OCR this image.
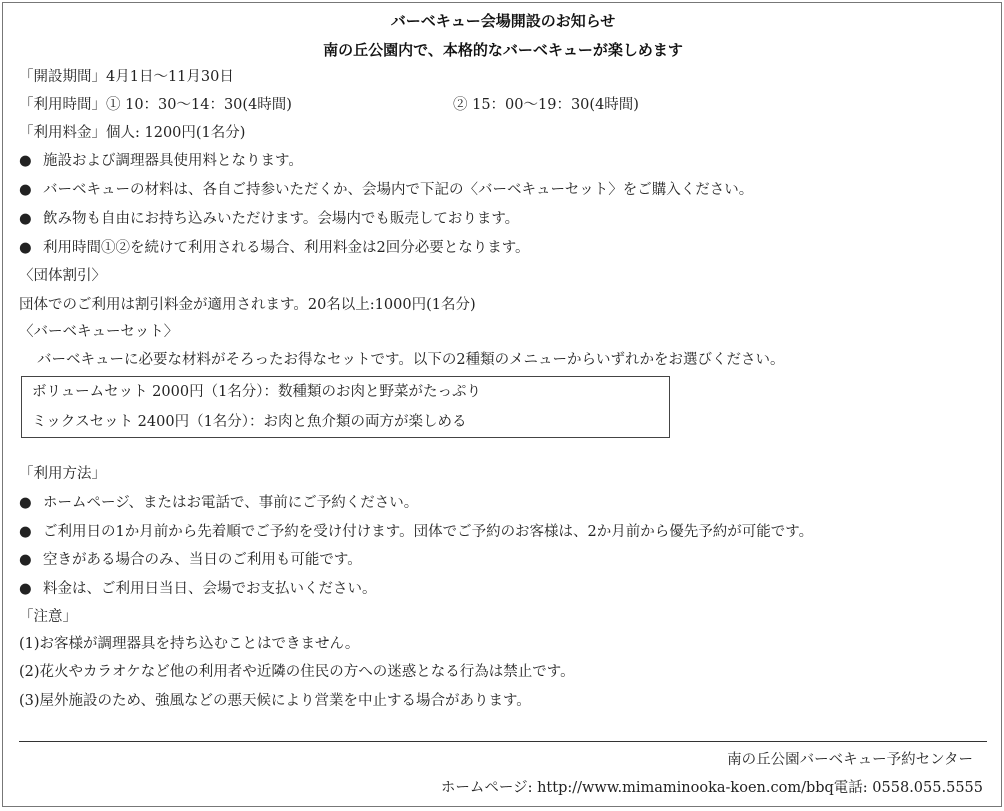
バーベキュー会場開設のお知らせ
南の丘公園内で、本格的なバーベキューが楽しめます
「開設期間」4月1日～11月30日
「利用時間」① 10：30～14：30(4時間)	② 15：00～19：30(4時間)
「利用料金」個人: 1200円(1名分)
● 施設および調理器具使用料となります。
● バーベキューの材料は、各自ご持参いただくか、会場内で下記の〈バーベキューセット〉をご購入ください。
● 飲み物も自由にお持ち込みいただけます。会場内でも販売しております。
● 利用時間①②を続けて利用される場合、利用料金は2回分必要となります。
〈団体割引〉
団体でのご利用は割引料金が適用されます。20名以上:1000円(1名分)
〈バーベキューセット〉
バーベキューに必要な材料がそろったお得なセットです。以下の2種類のメニューからいずれかをお選びください。
ボリュームセット 2000円（1名分）：数種類のお肉と野菜がたっぷり
ミックスセット 2400円（1名分）：お肉と魚介類の両方が楽しめる
「利用方法」
● ホームページ、またはお電話で、事前にご予約ください。
● ご利用日の1か月前から先着順でご予約を受け付けます。団体でご予約のお客様は、2か月前から優先予約が可能です。
● 空きがある場合のみ、当日のご利用も可能です。
● 料金は、ご利用日当日、会場でお支払いください。
「注意」
(1)お客様が調理器具を持ち込むことはできません。
(2)花火やカラオケなど他の利用者や近隣の住民の方への迷惑となる行為は禁止です。
(3)屋外施設のため、強風などの悪天候により営業を中止する場合があります。
南の丘公園バーベキュー予約センター
ホームページ: http://www.mimaminooka-koen.com/bbq電話: 0558.055.5555
